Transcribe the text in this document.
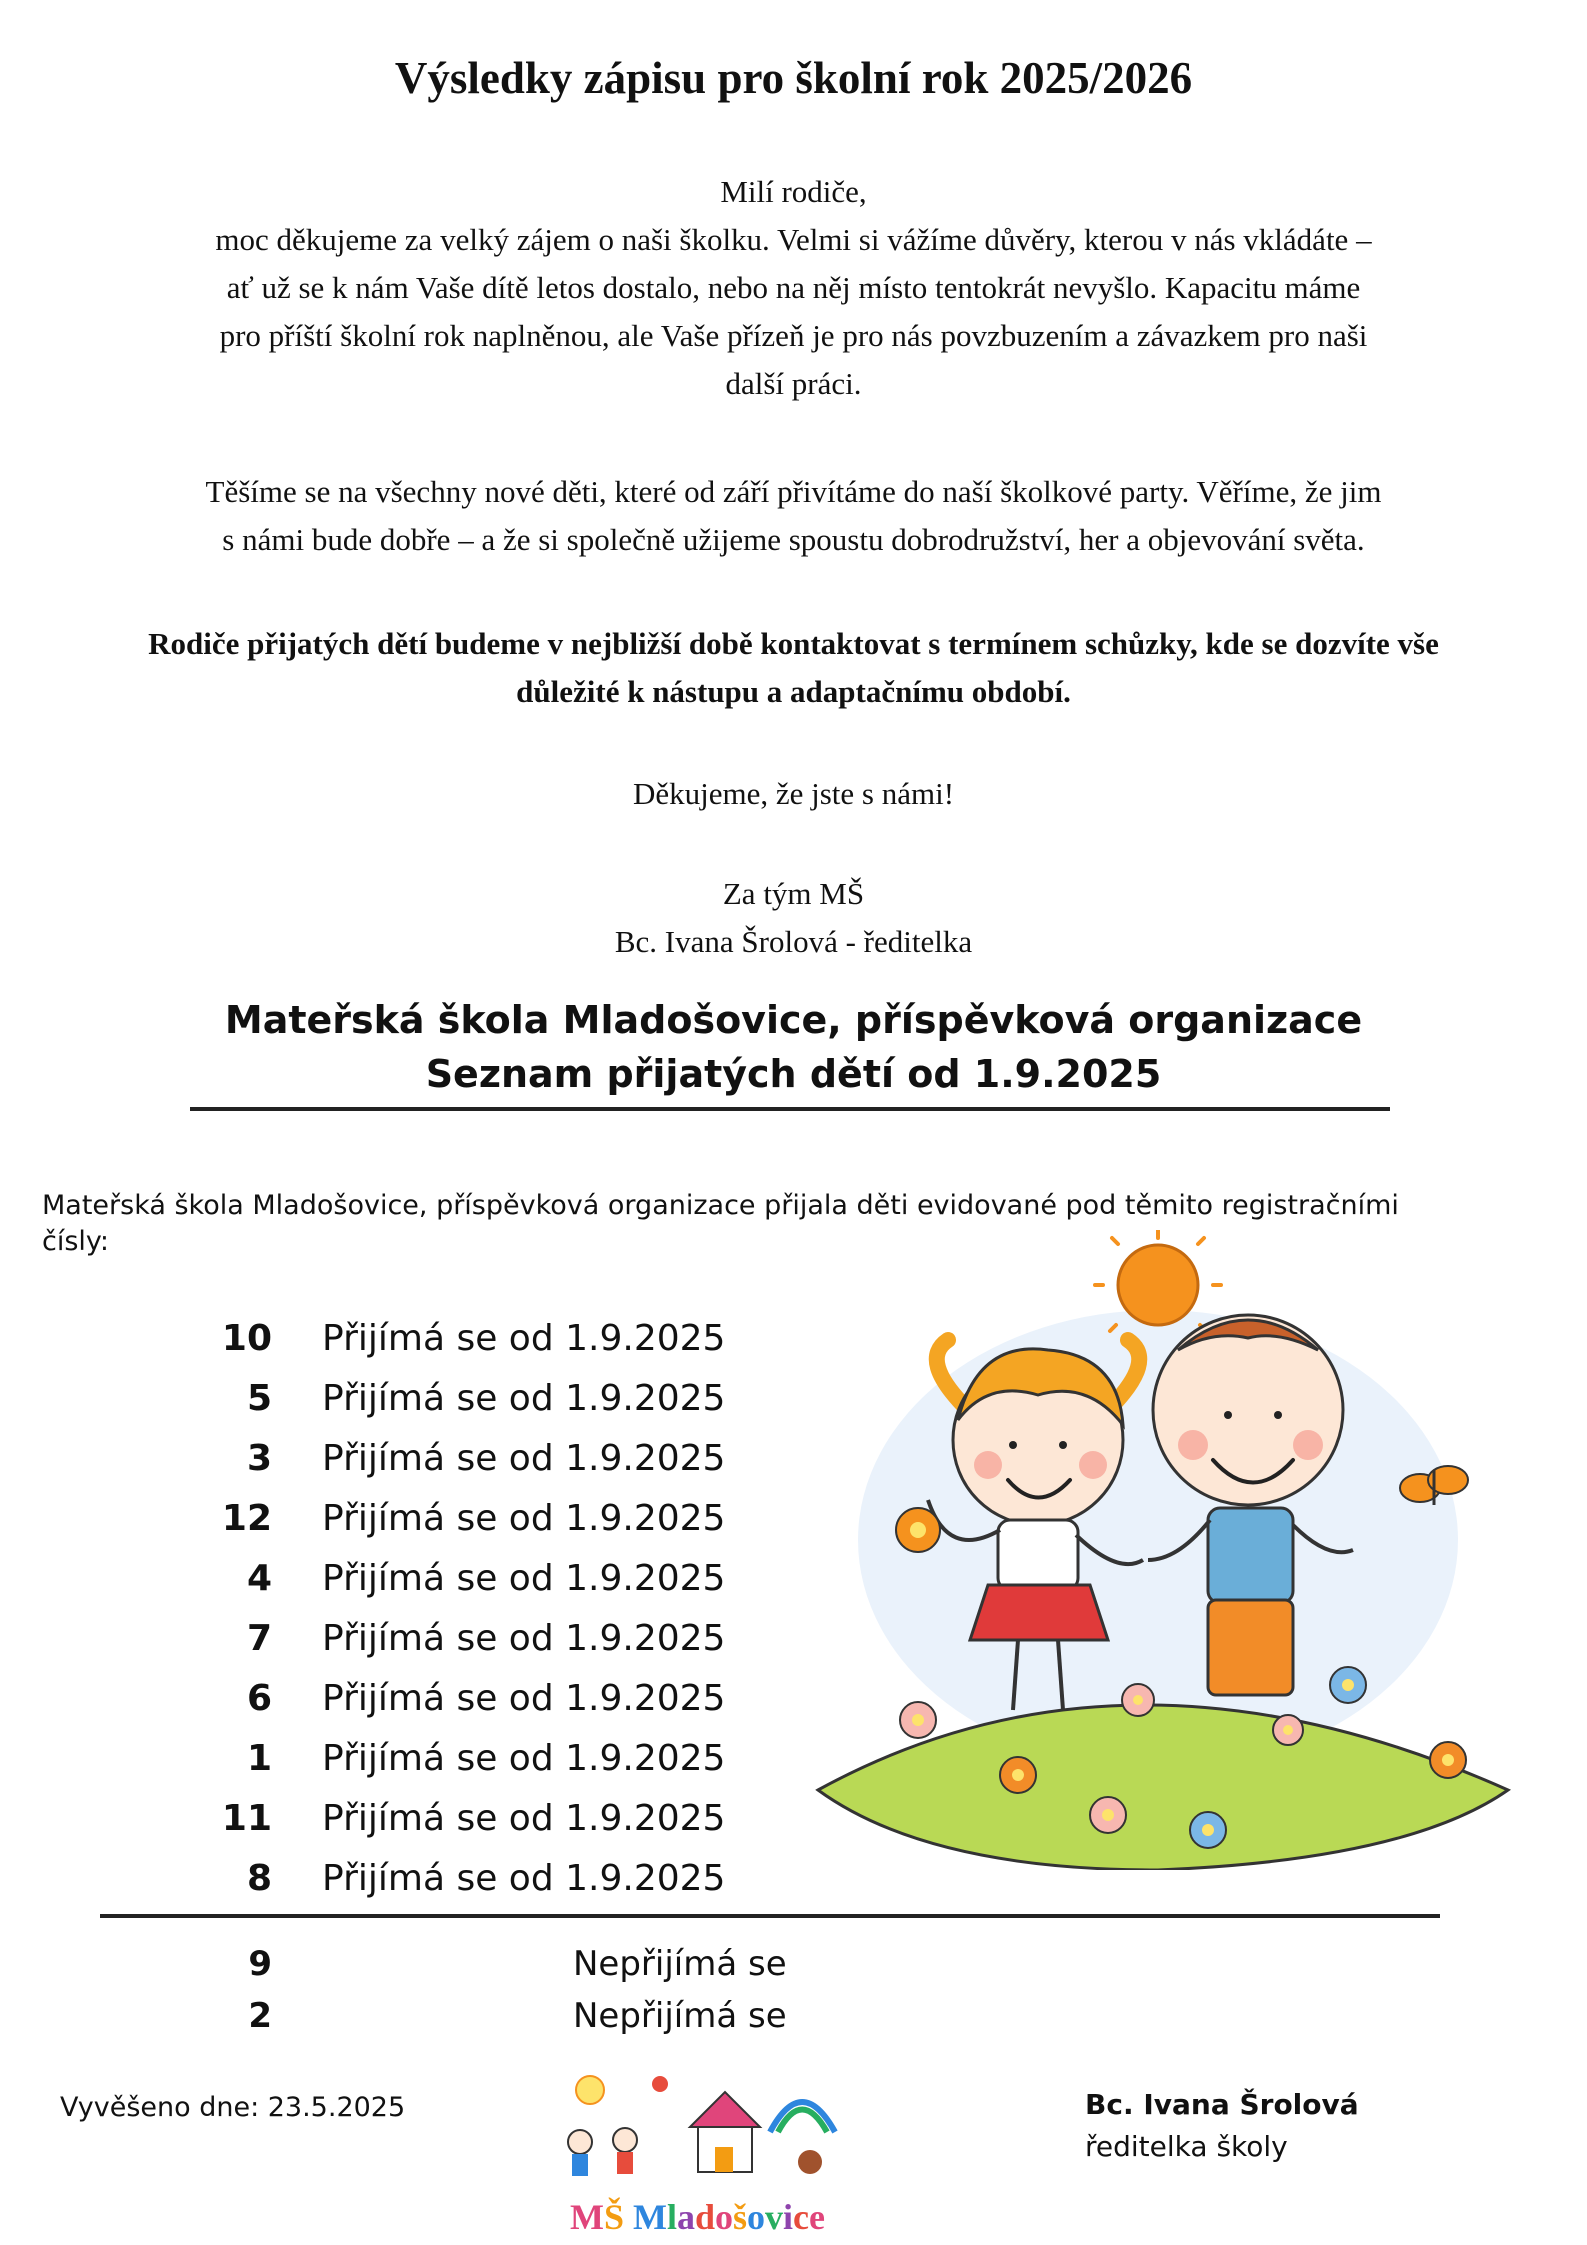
Výsledky zápisu pro školní rok 2025/2026
Milí rodiče,
moc děkujeme za velký zájem o naši školku. Velmi si vážíme důvěry, kterou v nás vkládáte –
ať už se k nám Vaše dítě letos dostalo, nebo na něj místo tentokrát nevyšlo. Kapacitu máme
pro příští školní rok naplněnou, ale Vaše přízeň je pro nás povzbuzením a závazkem pro naši
další práci.
Těšíme se na všechny nové děti, které od září přivítáme do naší školkové party. Věříme, že jim
s námi bude dobře – a že si společně užijeme spoustu dobrodružství, her a objevování světa.
Rodiče přijatých dětí budeme v nejbližší době kontaktovat s termínem schůzky, kde se dozvíte vše
důležité k nástupu a adaptačnímu období.
Děkujeme, že jste s námi!
Za tým MŠ
Bc. Ivana Šrolová - ředitelka
Mateřská škola Mladošovice, příspěvková organizace
Seznam přijatých dětí od 1.9.2025
Mateřská škola Mladošovice, příspěvková organizace přijala děti evidované pod těmito registračními
čísly:
10 Přijímá se od 1.9.2025
5 Přijímá se od 1.9.2025
3 Přijímá se od 1.9.2025
12 Přijímá se od 1.9.2025
4 Přijímá se od 1.9.2025
7 Přijímá se od 1.9.2025
6 Přijímá se od 1.9.2025
1 Přijímá se od 1.9.2025
11 Přijímá se od 1.9.2025
8 Přijímá se od 1.9.2025
9	Nepřijímá se
2	Nepřijímá se
Vyvěšeno dne: 23.5.2025	Bc. Ivana Šrolová
ředitelka školy
MŠ Mladošovice
